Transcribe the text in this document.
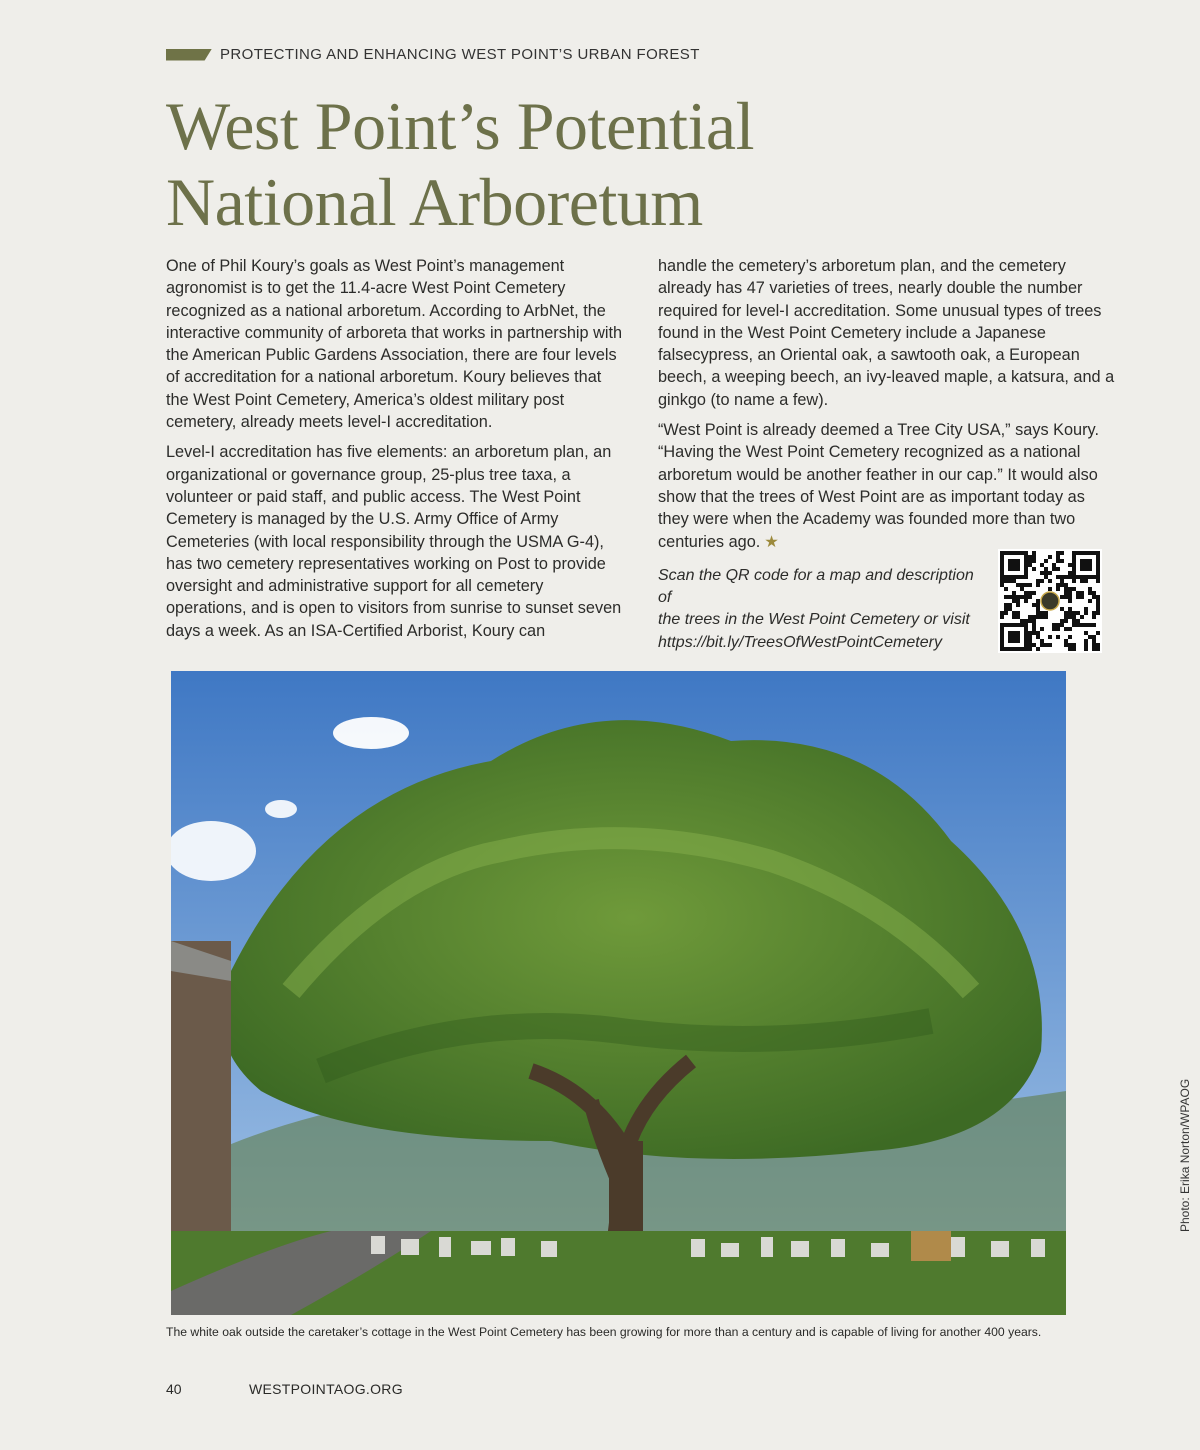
PROTECTING AND ENHANCING WEST POINT’S URBAN FOREST
West Point’s Potential
National Arboretum

One of Phil Koury’s goals as West Point’s management agronomist is to get the 11.4-acre West Point Cemetery recognized as a national arboretum. According to ArbNet, the interactive community of arboreta that works in partnership with the American Public Gardens Association, there are four levels of accreditation for a national arboretum. Koury believes that the West Point Cemetery, America’s oldest military post cemetery, already meets level-I accreditation.

Level-I accreditation has five elements: an arboretum plan, an organizational or governance group, 25-plus tree taxa, a volunteer or paid staff, and public access. The West Point Cemetery is managed by the U.S. Army Office of Army Cemeteries (with local responsibility through the USMA G-4), has two cemetery representatives working on Post to provide oversight and administrative support for all cemetery operations, and is open to visitors from sunrise to sunset seven days a week. As an ISA-Certified Arborist, Koury can

handle the cemetery’s arboretum plan, and the cemetery already has 47 varieties of trees, nearly double the number required for level-I accreditation. Some unusual types of trees found in the West Point Cemetery include a Japanese falsecypress, an Oriental oak, a sawtooth oak, a European beech, a weeping beech, an ivy-leaved maple, a katsura, and a ginkgo (to name a few).

“West Point is already deemed a Tree City USA,” says Koury. “Having the West Point Cemetery recognized as a national arboretum would be another feather in our cap.” It would also show that the trees of West Point are as important today as they were when the Academy was founded more than two centuries ago. ★

Scan the QR code for a map and description of
the trees in the West Point Cemetery or visit
https://bit.ly/TreesOfWestPointCemetery
The white oak outside the caretaker’s cottage in the West Point Cemetery has been growing for more than a century and is capable of living for another 400 years.
Photo: Erika Norton/WPAOG
40	WESTPOINTAOG.ORG
